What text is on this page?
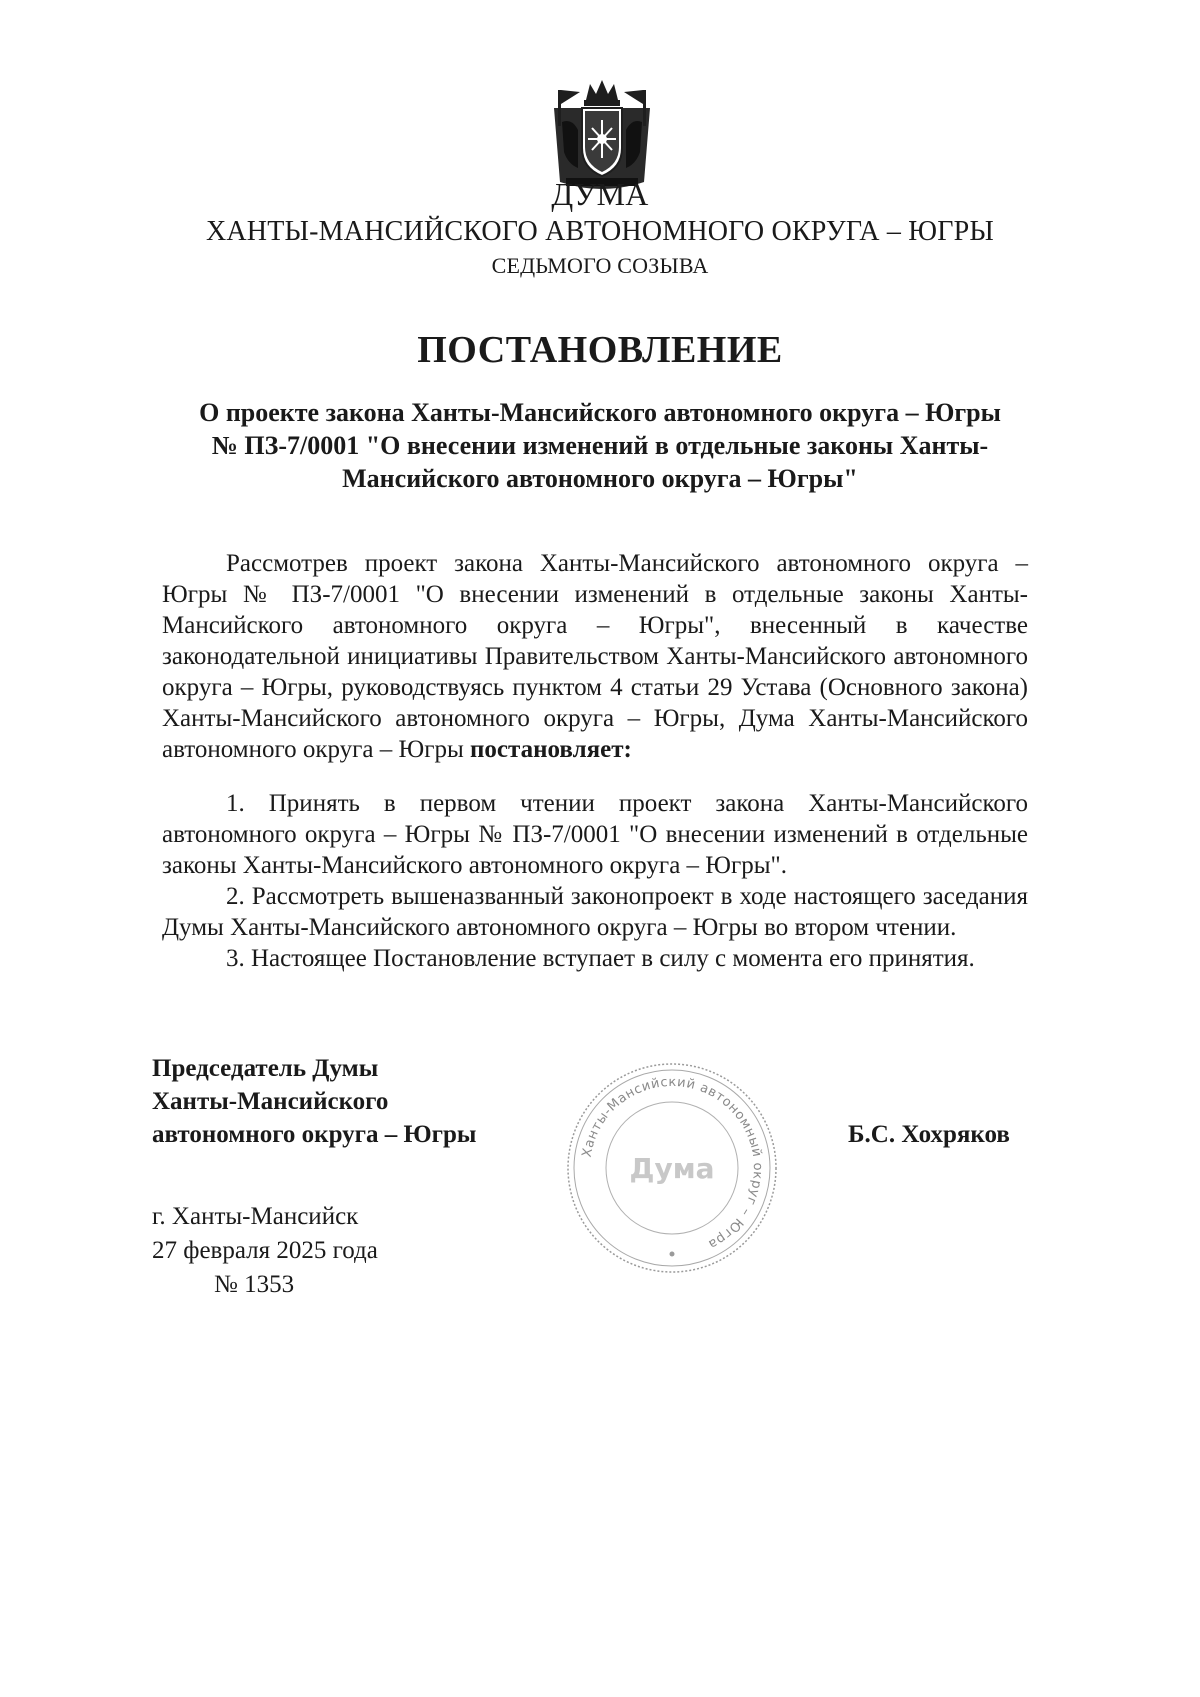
ДУМА
ХАНТЫ-МАНСИЙСКОГО АВТОНОМНОГО ОКРУГА – ЮГРЫ
СЕДЬМОГО СОЗЫВА
ПОСТАНОВЛЕНИЕ
О проекте закона Ханты-Мансийского автономного округа – Югры
№ ПЗ-7/0001 "О внесении изменений в отдельные законы Ханты-
Мансийского автономного округа – Югры"

Рассмотрев проект закона Ханты-Мансийского автономного округа – Югры № ПЗ-7/0001 "О внесении изменений в отдельные законы Ханты-Мансийского автономного округа – Югры", внесенный в качестве законодательной инициативы Правительством Ханты-Мансийского автономного округа – Югры, руководствуясь пунктом 4 статьи 29 Устава (Основного закона) Ханты-Мансийского автономного округа – Югры, Дума Ханты-Мансийского автономного округа – Югры постановляет:

1. Принять в первом чтении проект закона Ханты-Мансийского автономного округа – Югры № ПЗ-7/0001 "О внесении изменений в отдельные законы Ханты-Мансийского автономного округа – Югры".

2. Рассмотреть вышеназванный законопроект в ходе настоящего заседания Думы Ханты-Мансийского автономного округа – Югры во втором чтении.

3. Настоящее Постановление вступает в силу с момента его принятия.

Председатель Думы
Ханты-Мансийского
автономного округа – Югры
Ханты-Мансийский автономный округ – Югра
Дума
Б.С. Хохряков
г. Ханты-Мансийск
27 февраля 2025 года
№ 1353
